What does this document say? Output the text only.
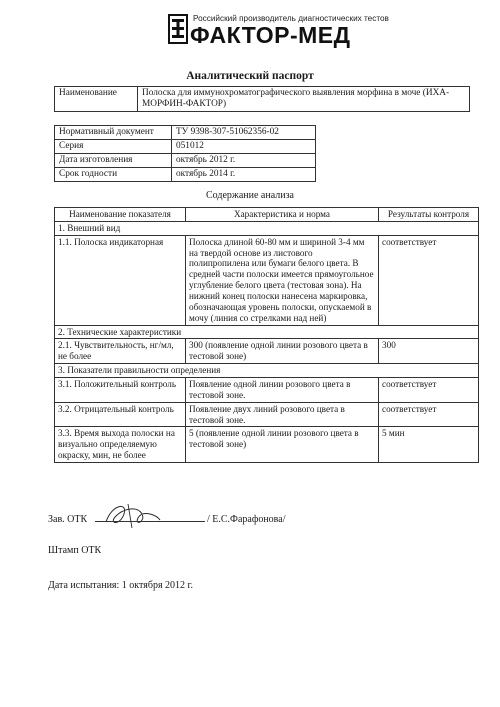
Российский производитель диагностических тестов
ФАКТОР-МЕД
Аналитический паспорт
Наименование	Полоска для иммунохроматографического выявления морфина в моче (ИХА-МОРФИН-ФАКТОР)
Нормативный документ	ТУ 9398-307-51062356-02
Серия	051012
Дата изготовления	октябрь 2012 г.
Срок годности	октябрь 2014 г.
Содержание анализа
Наименование показателя	Характеристика и норма	Результаты контроля
1. Внешний вид		
1.1. Полоска индикаторная	Полоска длиной 60-80 мм и шириной 3-4 мм на твердой основе из листового полипропилена или бумаги белого цвета. В средней части полоски имеется прямоугольное углубление белого цвета (тестовая зона). На нижний конец полоски нанесена маркировка, обозначающая уровень полоски, опускаемой в мочу (линия со стрелками над ней)	соответствует
2. Технические характеристики		
2.1. Чувствительность, нг/мл, не более	300 (появление одной линии розового цвета в тестовой зоне)	300
3. Показатели правильности определения		
3.1. Положительный контроль	Появление одной линии розового цвета в тестовой зоне.	соответствует
3.2. Отрицательный контроль	Появление двух линий розового цвета в тестовой зоне.	соответствует
3.3. Время выхода полоски на визуально определяемую окраску, мин, не более	5 (появление одной линии розового цвета в тестовой зоне)	5 мин
Зав. ОТК	/ Е.С.Фарафонова/
Штамп ОТК
Дата испытания: 1 октября 2012 г.
